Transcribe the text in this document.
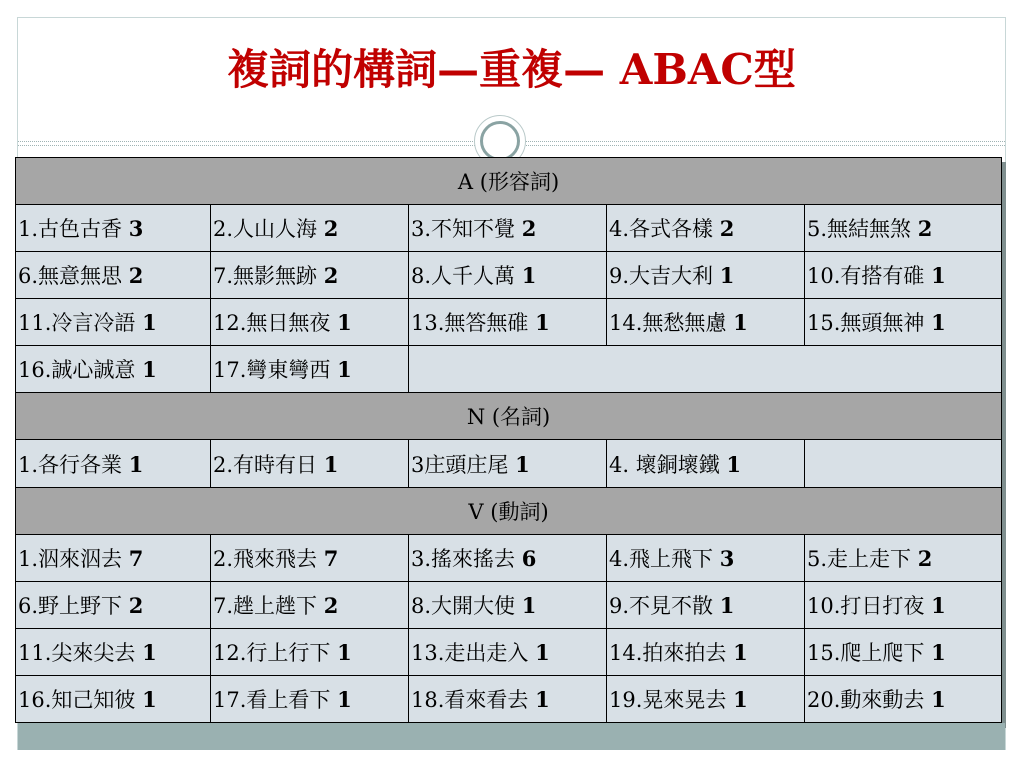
複詞的構詞—重複— ABAC型
A (形容詞)				
1.古色古香 3	2.人山人海 2	3.不知不覺 2	4.各式各樣 2	5.無結無煞 2
6.無意無思 2	7.無影無跡 2	8.人千人萬 1	9.大吉大利 1	10.有搭有碓 1
11.冷言冷語 1	12.無日無夜 1	13.無答無碓 1	14.無愁無慮 1	15.無頭無神 1
16.誠心誠意 1	17.彎東彎西 1			
N (名詞)				
1.各行各業 1	2.有時有日 1	3庄頭庄尾 1	4. 壞銅壞鐵 1	
V (動詞)				
1.泅來泅去 7	2.飛來飛去 7	3.搖來搖去 6	4.飛上飛下 3	5.走上走下 2
6.野上野下 2	7.趖上趖下 2	8.大開大使 1	9.不見不散 1	10.打日打夜 1
11.尖來尖去 1	12.行上行下 1	13.走出走入 1	14.拍來拍去 1	15.爬上爬下 1
16.知己知彼 1	17.看上看下 1	18.看來看去 1	19.晃來晃去 1	20.動來動去 1
